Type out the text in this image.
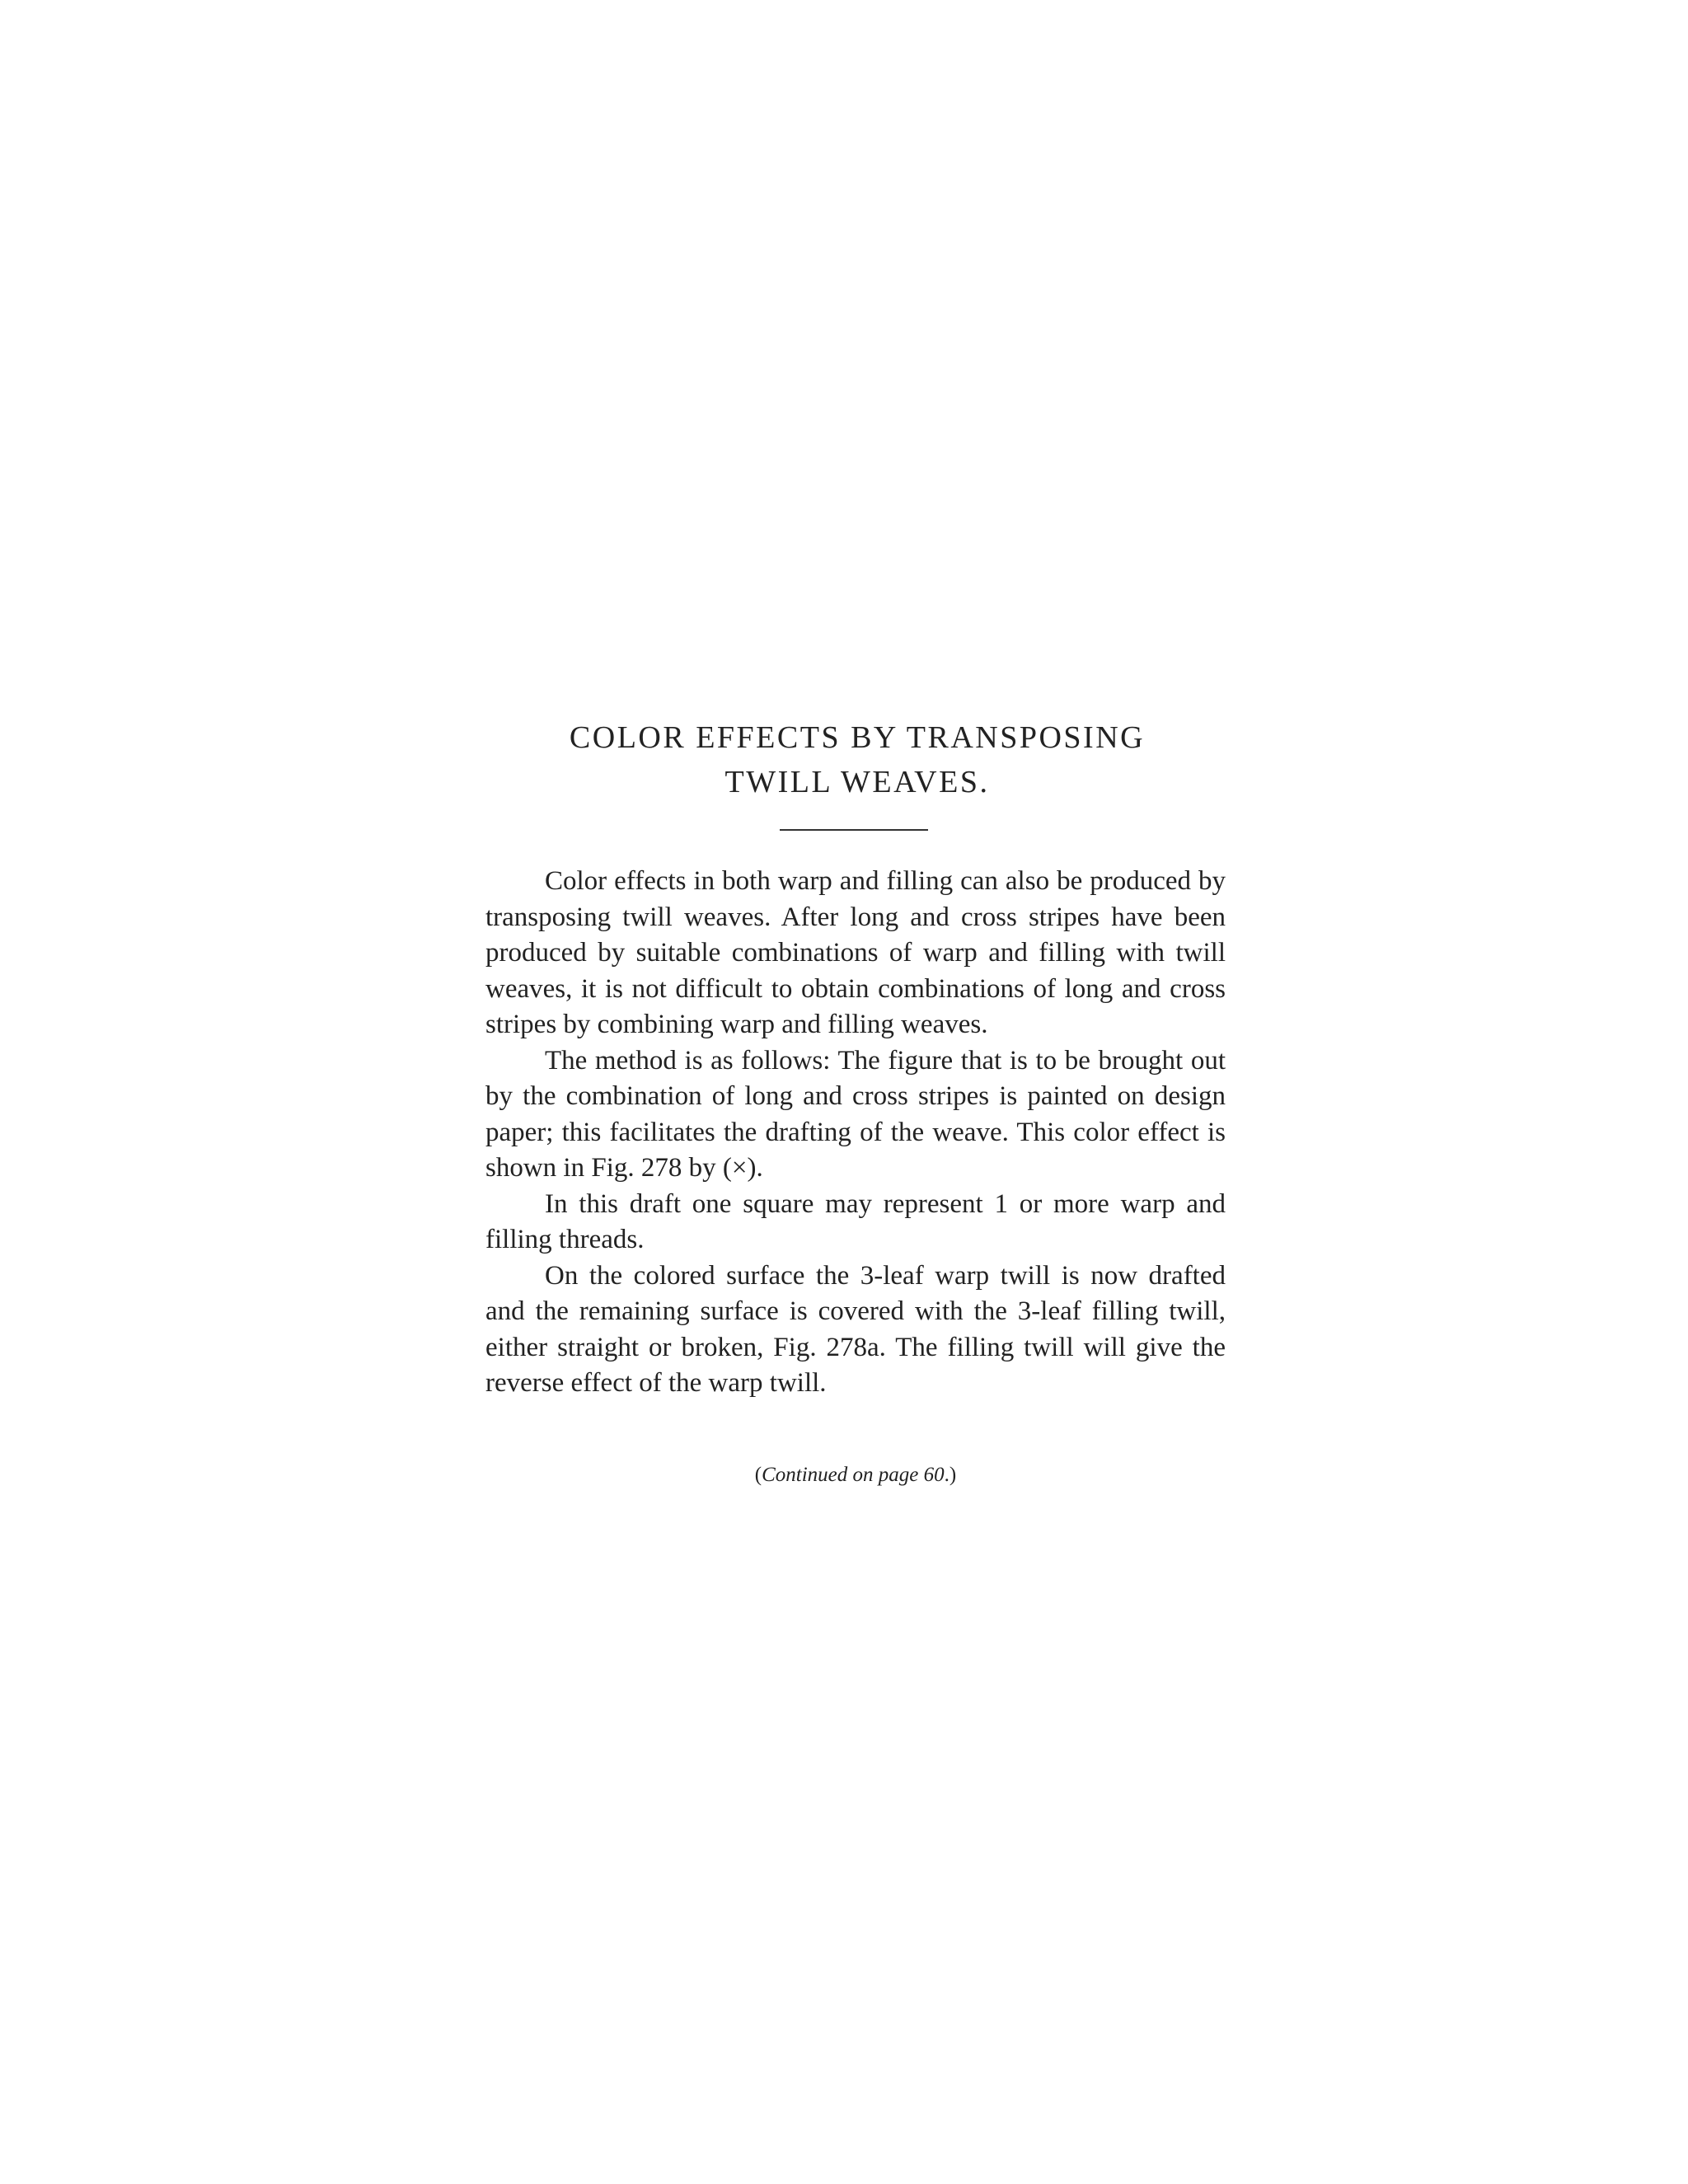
COLOR EFFECTS BY TRANSPOSING
TWILL WEAVES.

Color effects in both warp and filling can also be produced by transposing twill weaves. After long and cross stripes have been produced by suitable combinations of warp and filling with twill weaves, it is not difficult to obtain combinations of long and cross stripes by combining warp and filling weaves.

The method is as follows: The figure that is to be brought out by the combination of long and cross stripes is painted on design paper; this facilitates the drafting of the weave. This color effect is shown in Fig. 278 by (×).

In this draft one square may represent 1 or more warp and filling threads.

On the colored surface the 3-leaf warp twill is now drafted and the remaining surface is covered with the 3-leaf filling twill, either straight or broken, Fig. 278a. The filling twill will give the reverse effect of the warp twill.

(Continued on page 60.)
